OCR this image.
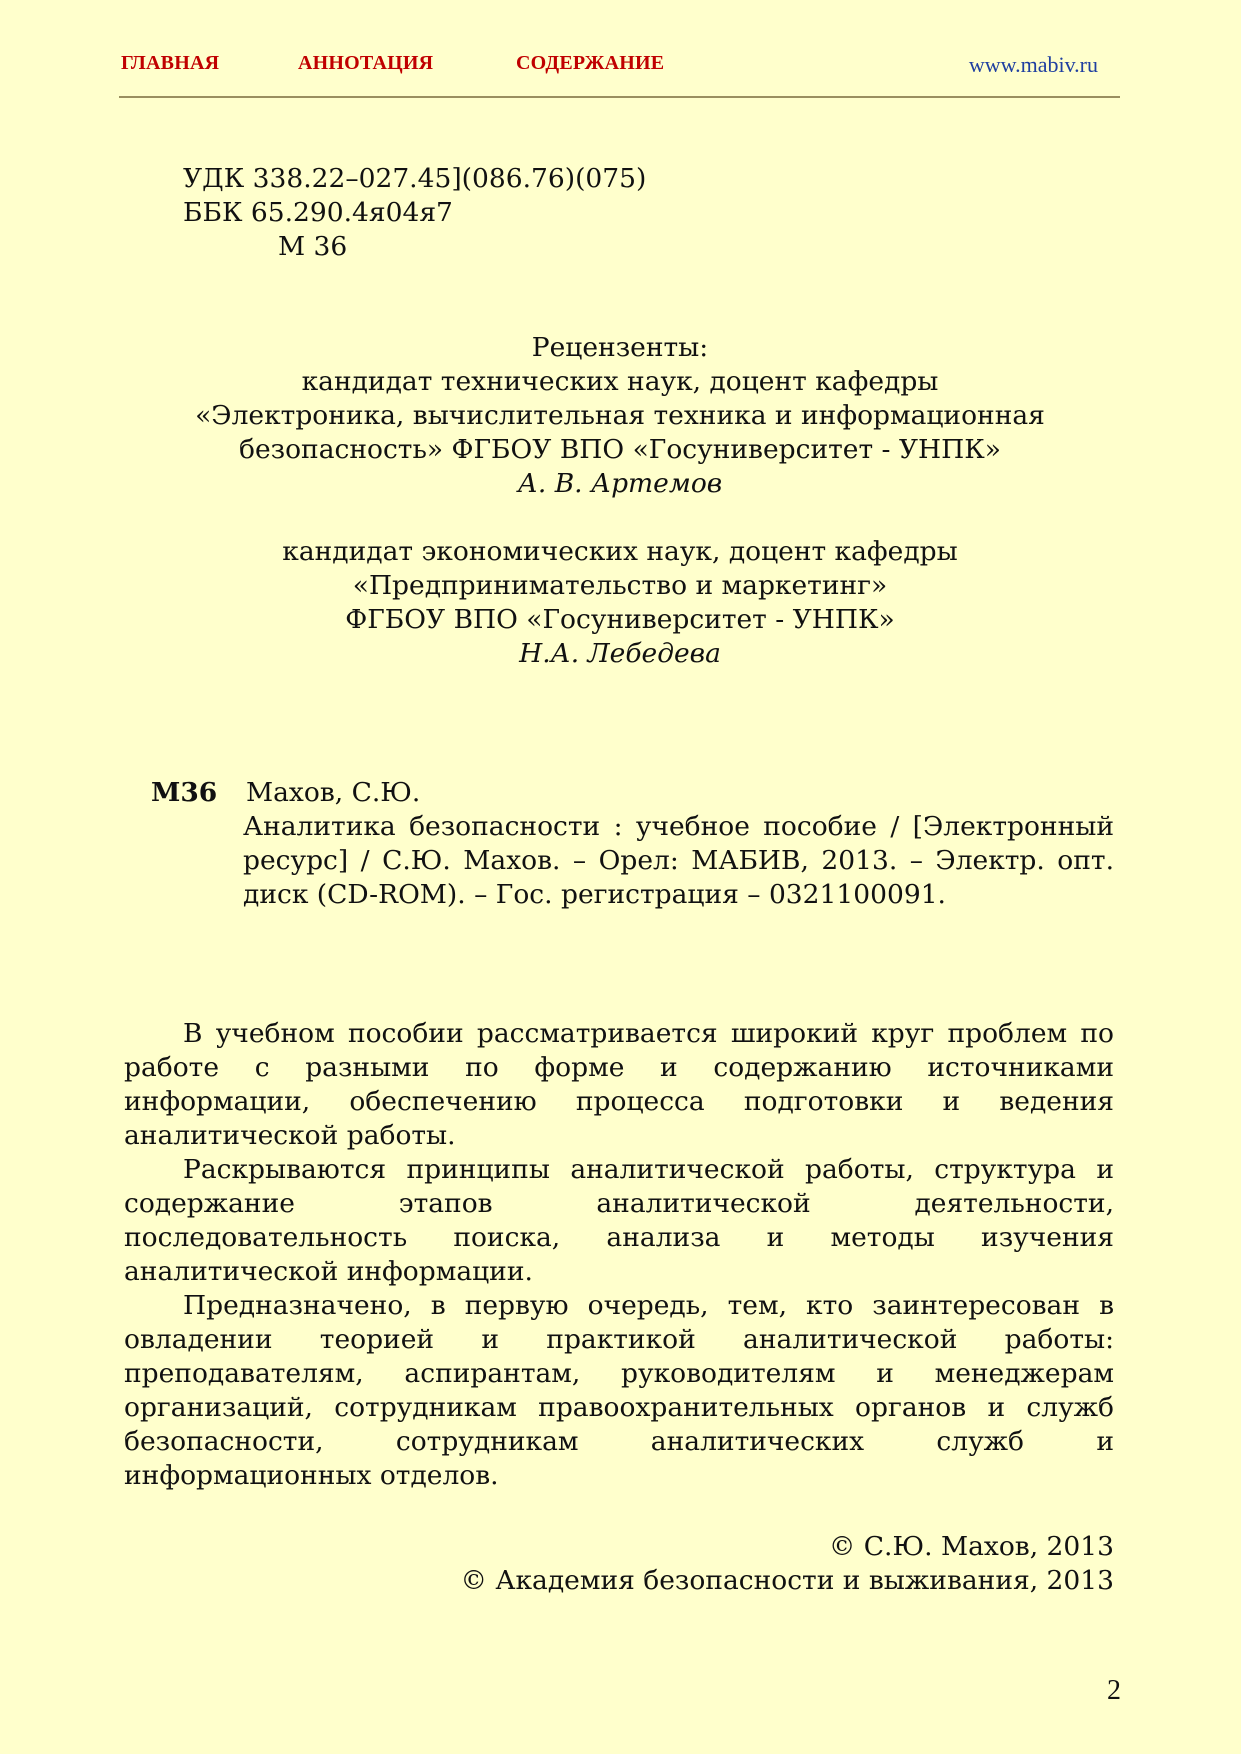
ГЛАВНАЯ	АННОТАЦИЯ	СОДЕРЖАНИЕ	www.mabiv.ru
УДК 338.22–027.45](086.76)(075)
ББК 65.290.4я04я7
М 36
Рецензенты:
кандидат технических наук, доцент кафедры
«Электроника, вычислительная техника и информационная
безопасность» ФГБОУ ВПО «Госуниверситет - УНПК»
А. В. Артемов
кандидат экономических наук, доцент кафедры
«Предпринимательство и маркетинг»
ФГБОУ ВПО «Госуниверситет - УНПК»
Н.А. Лебедева
М36 Махов, С.Ю.
Аналитика безопасности : учебное пособие / [Электронный ресурс] / С.Ю. Махов. – Орел: МАБИВ, 2013. – Электр. опт. диск (CD-ROM). – Гос. регистрация – 0321100091.

В учебном пособии рассматривается широкий круг проблем по работе с разными по форме и содержанию источниками информации, обеспечению процесса подготовки и ведения аналитической работы.

Раскрываются принципы аналитической работы, структура и содержание этапов аналитической деятельности, последовательность поиска, анализа и методы изучения аналитической информации.

Предназначено, в первую очередь, тем, кто заинтересован в овладении теорией и практикой аналитической работы: преподавателям, аспирантам, руководителям и менеджерам организаций, сотрудникам правоохранительных органов и служб безопасности, сотрудникам аналитических служб и информационных отделов.

© С.Ю. Махов, 2013
© Академия безопасности и выживания, 2013
2
